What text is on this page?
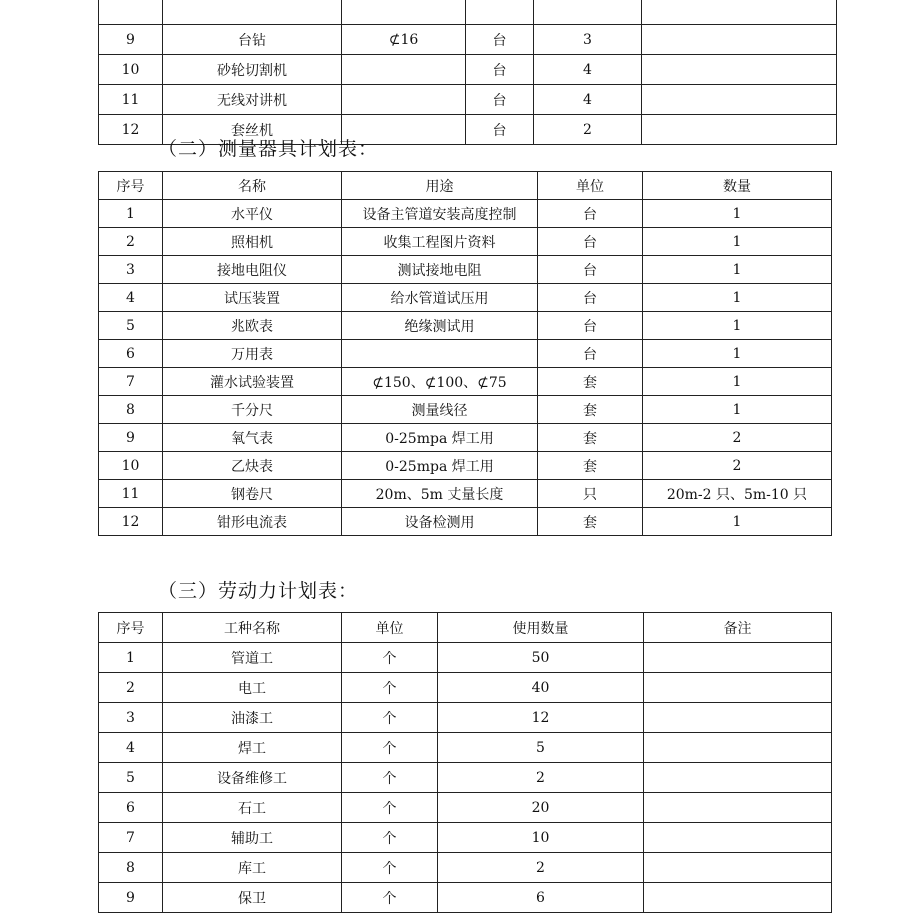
9	台钻	⊄16	台	3	
10	砂轮切割机		台	4	
11	无线对讲机		台	4	
12	套丝机		台	2	
（二）测量器具计划表：
序号	名称	用途	单位	数量
1	水平仪	设备主管道安装高度控制	台	1
2	照相机	收集工程图片资料	台	1
3	接地电阻仪	测试接地电阻	台	1
4	试压装置	给水管道试压用	台	1
5	兆欧表	绝缘测试用	台	1
6	万用表		台	1
7	灌水试验装置	⊄150、⊄100、⊄75	套	1
8	千分尺	测量线径	套	1
9	氧气表	0-25mpa 焊工用	套	2
10	乙炔表	0-25mpa 焊工用	套	2
11	钢卷尺	20m、5m 丈量长度	只	20m-2 只、5m-10 只
12	钳形电流表	设备检测用	套	1
（三）劳动力计划表：
序号	工种名称	单位	使用数量	备注
1	管道工	个	50	
2	电工	个	40	
3	油漆工	个	12	
4	焊工	个	5	
5	设备维修工	个	2	
6	石工	个	20	
7	辅助工	个	10	
8	库工	个	2	
9	保卫	个	6	
